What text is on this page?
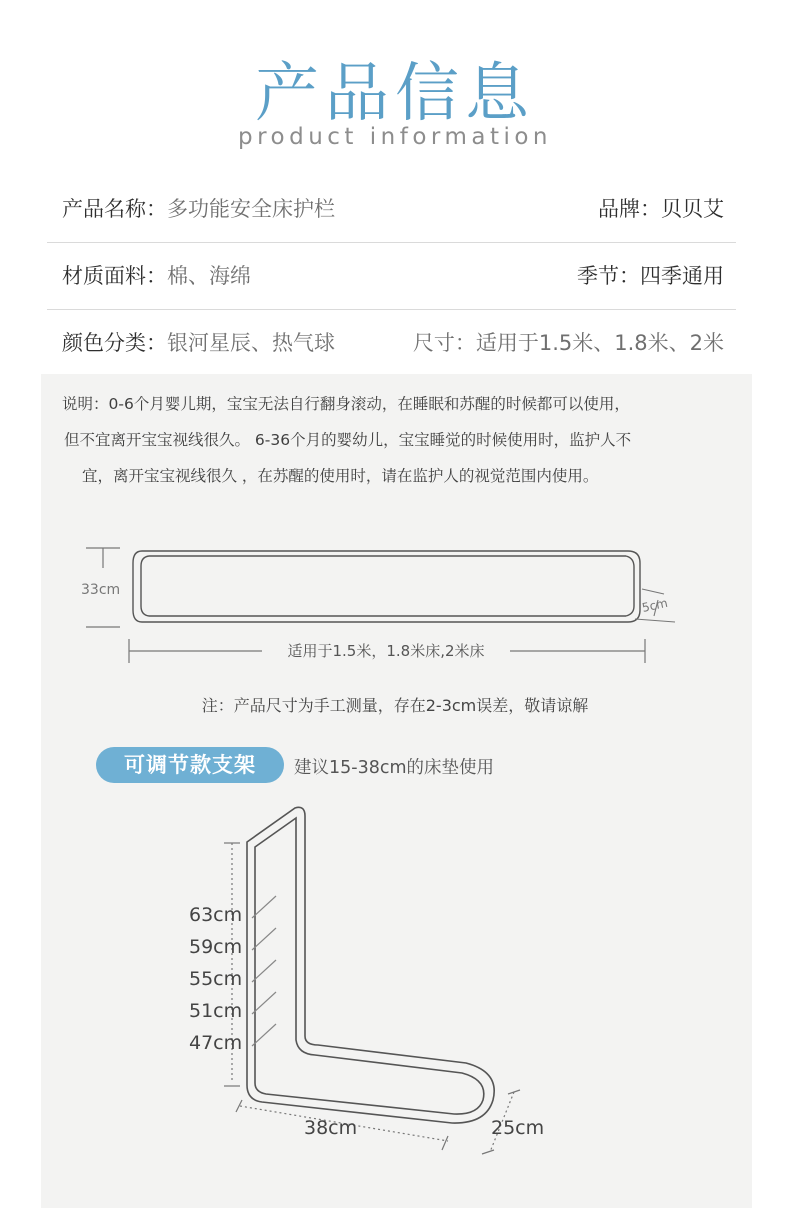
产品信息
product information
产品名称：多功能安全床护栏	品牌：贝贝艾
材质面料：棉、海绵	季节：四季通用
颜色分类：银河星辰、热气球	尺寸：适用于1.5米、1.8米、2米
说明：0-6个月婴儿期，宝宝无法自行翻身滚动，在睡眠和苏醒的时候都可以使用，
但不宜离开宝宝视线很久。 6-36个月的婴幼儿，宝宝睡觉的时候使用时，监护人不
宜，离开宝宝视线很久 ，在苏醒的使用时，请在监护人的视觉范围内使用。
33cm
5cm
适用于1.5米，1.8米床,2米床
63cm
59cm
55cm
51cm
47cm
38cm	25cm
注：产品尺寸为手工测量，存在2-3cm误差，敬请谅解
可调节款支架	建议15-38cm的床垫使用
